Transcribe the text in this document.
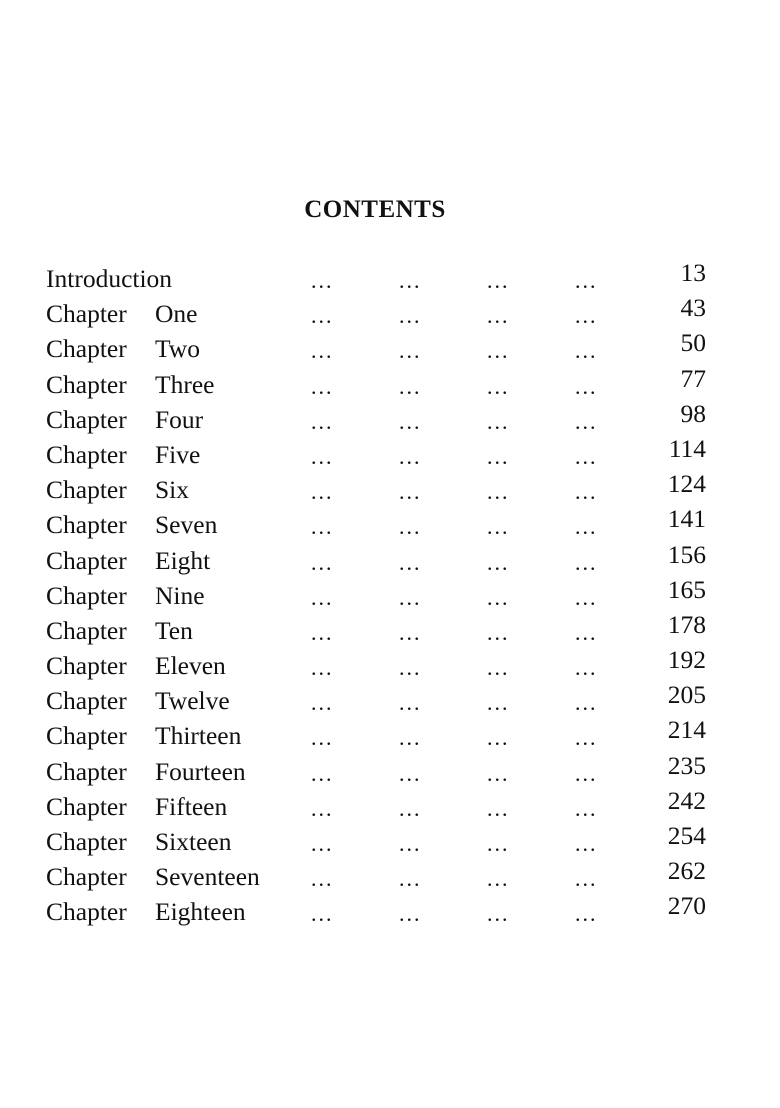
CONTENTS
Introduction	...	...	...	...	13
Chapter One	...	...	...	...	43
Chapter Two	...	...	...	...	50
Chapter Three	...	...	...	...	77
Chapter Four	...	...	...	...	98
Chapter Five	...	...	...	...	114
Chapter Six	...	...	...	...	124
Chapter Seven	...	...	...	...	141
Chapter Eight	...	...	...	...	156
Chapter Nine	...	...	...	...	165
Chapter Ten	...	...	...	...	178
Chapter Eleven	...	...	...	...	192
Chapter Twelve	...	...	...	...	205
Chapter Thirteen	...	...	...	...	214
Chapter Fourteen	...	...	...	...	235
Chapter Fifteen	...	...	...	...	242
Chapter Sixteen	...	...	...	...	254
Chapter Seventeen ...	...	...	...	262
Chapter Eighteen	...	...	...	...	270
